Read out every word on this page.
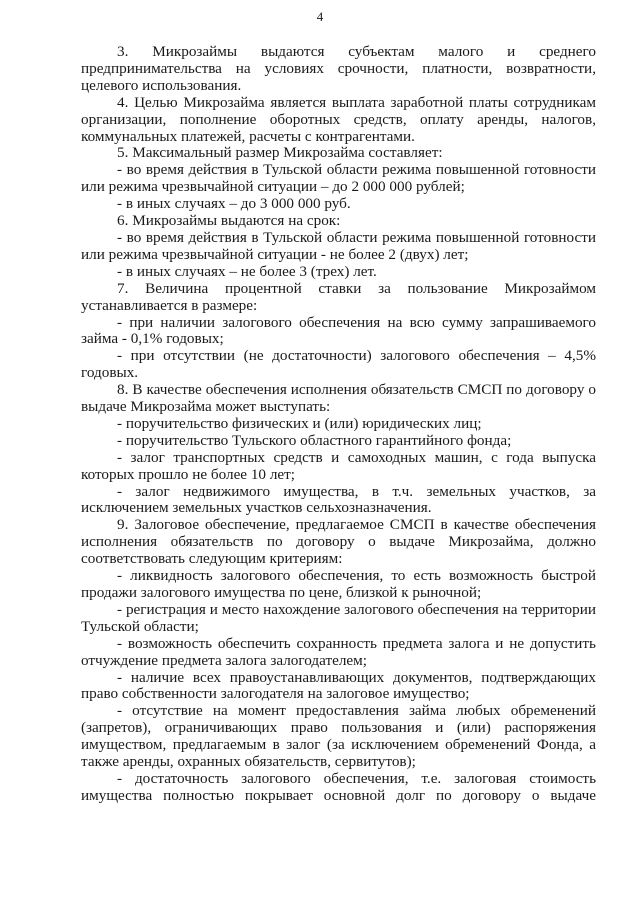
4

3. Микрозаймы выдаются субъектам малого и среднего предпринимательства на условиях срочности, платности, возвратности, целевого использования.

4. Целью Микрозайма является выплата заработной платы сотрудникам организации, пополнение оборотных средств, оплату аренды, налогов, коммунальных платежей, расчеты с контрагентами.

5. Максимальный размер Микрозайма составляет:

- во время действия в Тульской области режима повышенной готовности или режима чрезвычайной ситуации – до 2 000 000 рублей;

- в иных случаях – до 3 000 000 руб.

6. Микрозаймы выдаются на срок:

- во время действия в Тульской области режима повышенной готовности или режима чрезвычайной ситуации - не более 2 (двух) лет;

- в иных случаях – не более 3 (трех) лет.

7. Величина процентной ставки за пользование Микрозаймом устанавливается в размере:

- при наличии залогового обеспечения на всю сумму запрашиваемого займа - 0,1% годовых;

- при отсутствии (не достаточности) залогового обеспечения – 4,5% годовых.

8. В качестве обеспечения исполнения обязательств СМСП по договору о выдаче Микрозайма может выступать:

- поручительство физических и (или) юридических лиц;

- поручительство Тульского областного гарантийного фонда;

- залог транспортных средств и самоходных машин, с года выпуска которых прошло не более 10 лет;

- залог недвижимого имущества, в т.ч. земельных участков, за исключением земельных участков сельхозназначения.

9. Залоговое обеспечение, предлагаемое СМСП в качестве обеспечения исполнения обязательств по договору о выдаче Микрозайма, должно соответствовать следующим критериям:

- ликвидность залогового обеспечения, то есть возможность быстрой продажи залогового имущества по цене, близкой к рыночной;

- регистрация и место нахождение залогового обеспечения на территории Тульской области;

- возможность обеспечить сохранность предмета залога и не допустить отчуждение предмета залога залогодателем;

- наличие всех правоустанавливающих документов, подтверждающих право собственности залогодателя на залоговое имущество;

- отсутствие на момент предоставления займа любых обременений (запретов), ограничивающих право пользования и (или) распоряжения имуществом, предлагаемым в залог (за исключением обременений Фонда, а также аренды, охранных обязательств, сервитутов);

- достаточность залогового обеспечения, т.е. залоговая стоимость имущества полностью покрывает основной долг по договору о выдаче
